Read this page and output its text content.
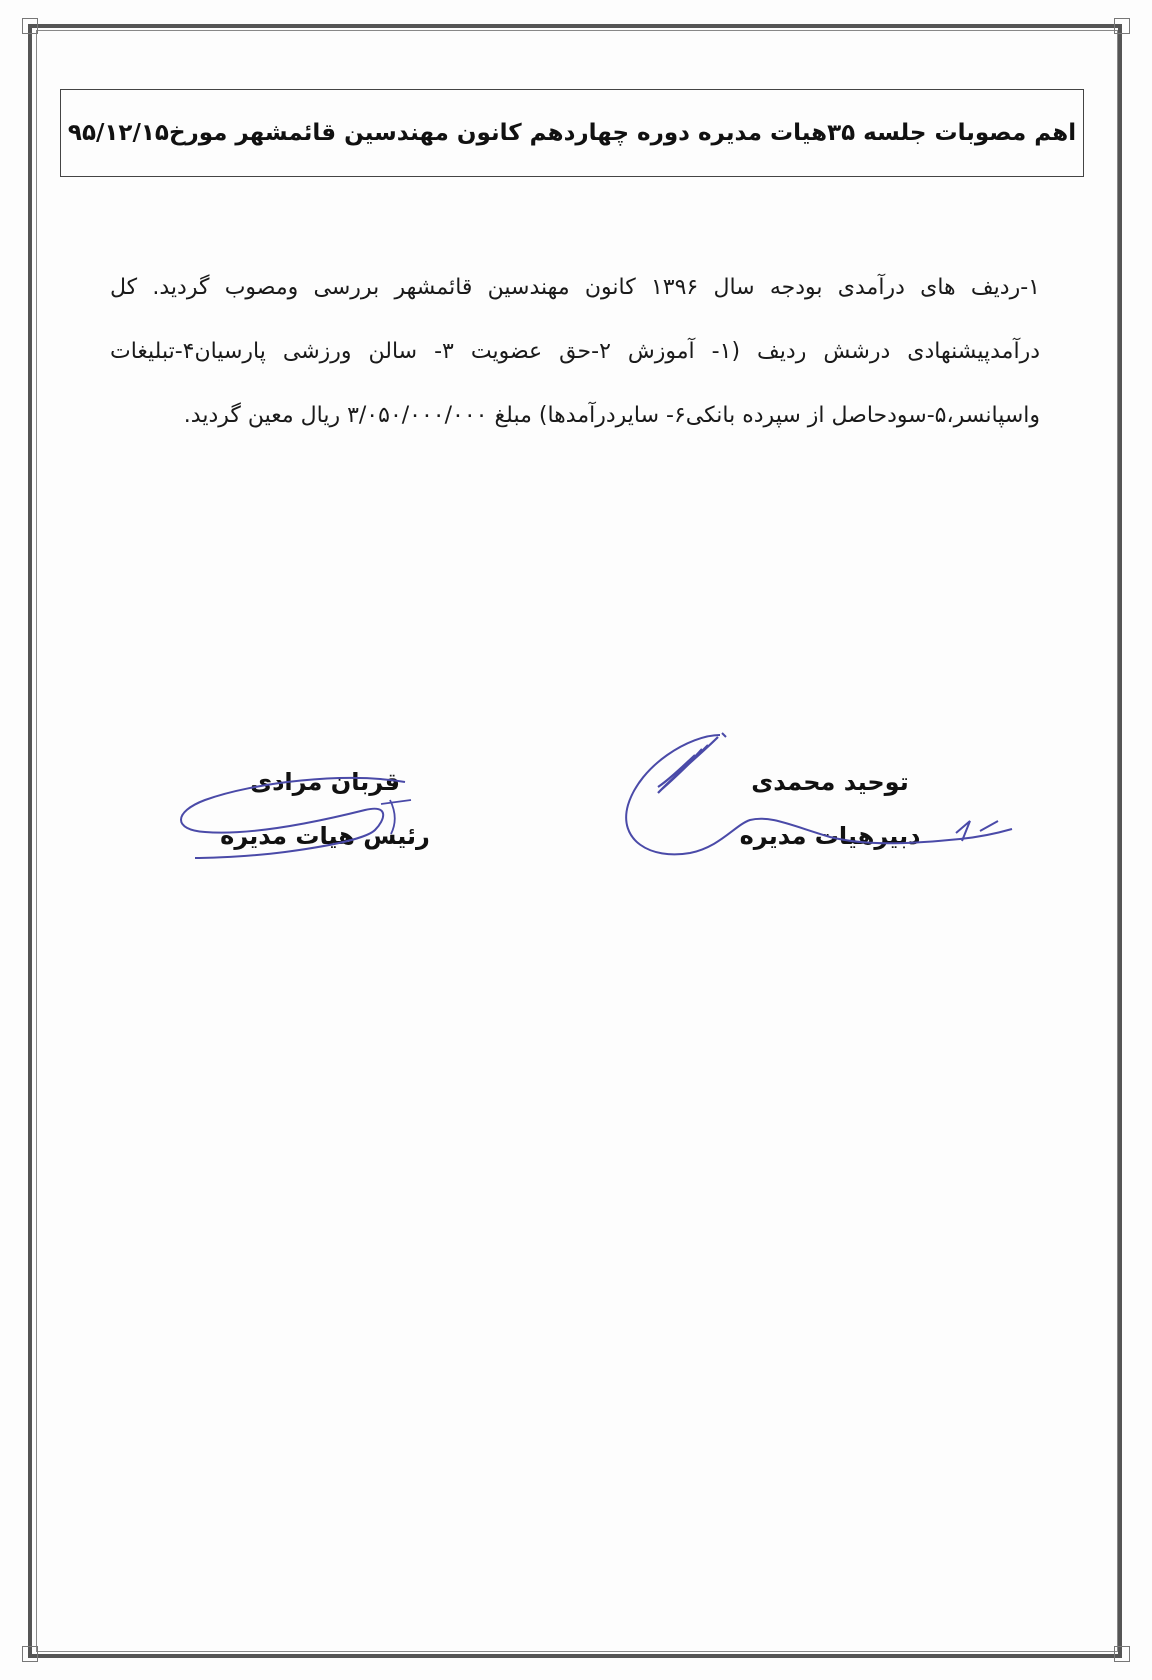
اهم مصوبات جلسه ۳۵هیات مدیره دوره چهاردهم کانون مهندسین قائمشهر مورخ۹۵/۱۲/۱۵
۱-ردیف های درآمدی بودجه سال ۱۳۹۶ کانون مهندسین قائمشهر بررسی ومصوب گردید. کل درآمدپیشنهادی درشش ردیف (۱- آموزش ۲-حق عضویت ۳- سالن ورزشی پارسیان۴-تبلیغات واسپانسر،۵-سودحاصل از سپرده بانکی۶- سایردرآمدها) مبلغ ۳/۰۵۰/۰۰۰/۰۰۰ ریال معین گردید.
توحید محمدی
دبیرهیات مدیره
قربان مرادی
رئیس هیات مدیره
